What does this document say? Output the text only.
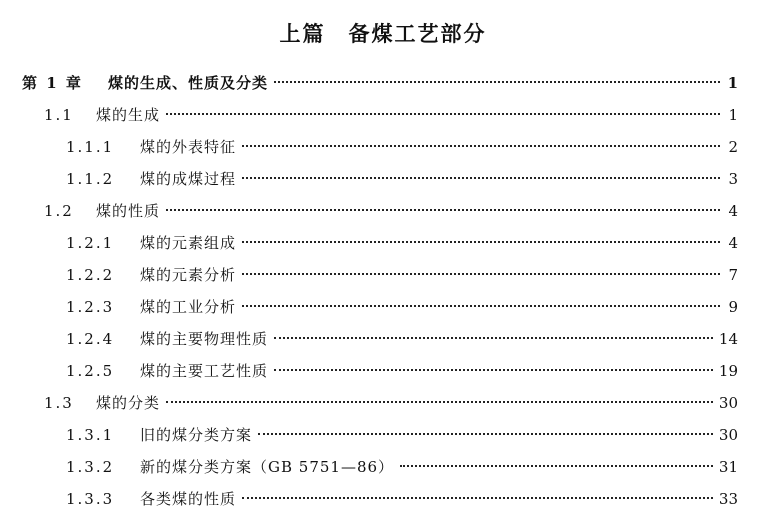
上篇　备煤工艺部分
第 1 章	煤的生成、性质及分类	1
1.1	煤的生成	1
1.1.1	煤的外表特征	2
1.1.2	煤的成煤过程	3
1.2	煤的性质	4
1.2.1	煤的元素组成	4
1.2.2	煤的元素分析	7
1.2.3	煤的工业分析	9
1.2.4	煤的主要物理性质	14
1.2.5	煤的主要工艺性质	19
1.3	煤的分类	30
1.3.1	旧的煤分类方案	30
1.3.2	新的煤分类方案（GB 5751—86）	31
1.3.3	各类煤的性质	33
